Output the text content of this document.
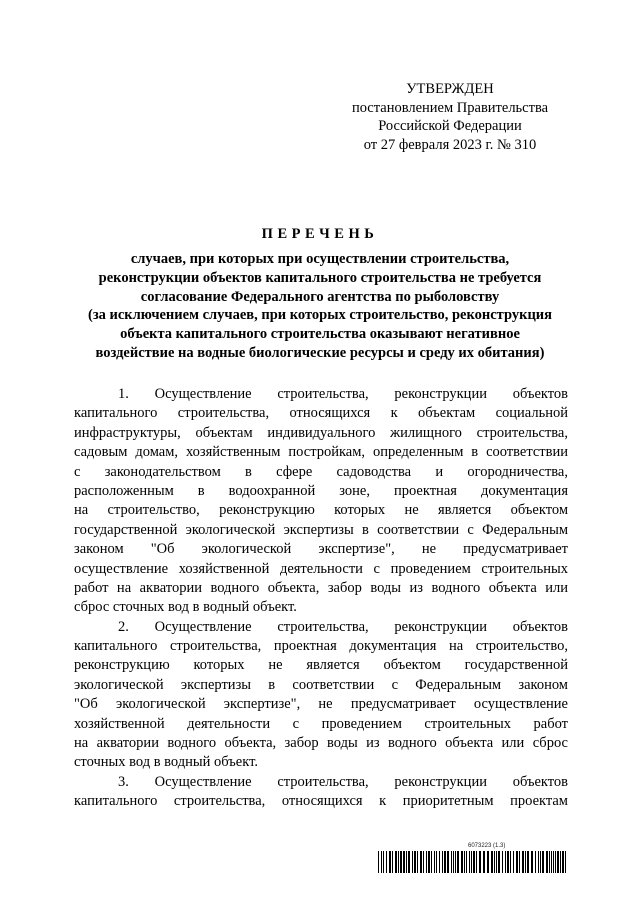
УТВЕРЖДЕН
постановлением Правительства
Российской Федерации
от 27 февраля 2023 г. № 310
ПЕРЕЧЕНЬ
случаев, при которых при осуществлении строительства,
реконструкции объектов капитального строительства не требуется
согласование Федерального агентства по рыболовству
(за исключением случаев, при которых строительство, реконструкция
объекта капитального строительства оказывают негативное
воздействие на водные биологические ресурсы и среду их обитания)
1. Осуществление строительства, реконструкции объектов
капитального строительства, относящихся к объектам социальной
инфраструктуры, объектам индивидуального жилищного строительства,
садовым домам, хозяйственным постройкам, определенным в соответствии
с законодательством в сфере садоводства и огородничества,
расположенным в водоохранной зоне, проектная документация
на строительство, реконструкцию которых не является объектом
государственной экологической экспертизы в соответствии с Федеральным
законом "Об экологической экспертизе", не предусматривает
осуществление хозяйственной деятельности с проведением строительных
работ на акватории водного объекта, забор воды из водного объекта или
сброс сточных вод в водный объект.
2. Осуществление строительства, реконструкции объектов
капитального строительства, проектная документация на строительство,
реконструкцию которых не является объектом государственной
экологической экспертизы в соответствии с Федеральным законом
"Об экологической экспертизе", не предусматривает осуществление
хозяйственной деятельности с проведением строительных работ
на акватории водного объекта, забор воды из водного объекта или сброс
сточных вод в водный объект.
3. Осуществление строительства, реконструкции объектов
капитального строительства, относящихся к приоритетным проектам
6073223 (1.3)
